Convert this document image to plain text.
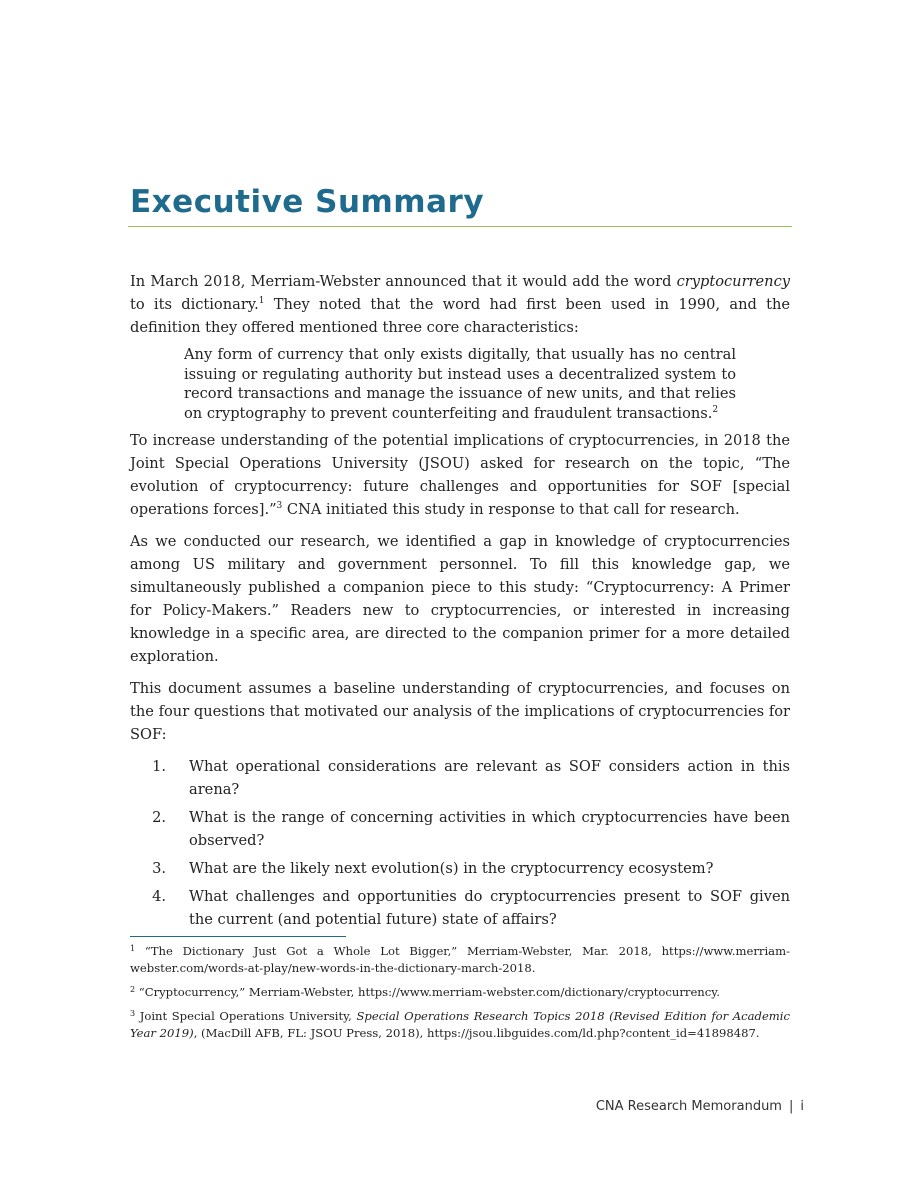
Executive Summary

In March 2018, Merriam-Webster announced that it would add the word cryptocurrency to its dictionary.$^1$ They noted that the word had first been used in 1990, and the definition they offered mentioned three core characteristics:

Any form of currency that only exists digitally, that usually has no central issuing or regulating authority but instead uses a decentralized system to record transactions and manage the issuance of new units, and that relies on cryptography to prevent counterfeiting and fraudulent transactions.$^2$

To increase understanding of the potential implications of cryptocurrencies, in 2018 the Joint Special Operations University (JSOU) asked for research on the topic, “The evolution of cryptocurrency: future challenges and opportunities for SOF [special operations forces].”$^3$ CNA initiated this study in response to that call for research.

As we conducted our research, we identified a gap in knowledge of cryptocurrencies among US military and government personnel. To fill this knowledge gap, we simultaneously published a companion piece to this study: “Cryptocurrency: A Primer for Policy-Makers.” Readers new to cryptocurrencies, or interested in increasing knowledge in a specific area, are directed to the companion primer for a more detailed exploration.

This document assumes a baseline understanding of cryptocurrencies, and focuses on the four questions that motivated our analysis of the implications of cryptocurrencies for SOF:

1.	What operational considerations are relevant as SOF considers action in this arena?
2.	What is the range of concerning activities in which cryptocurrencies have been observed?
3.	What are the likely next evolution(s) in the cryptocurrency ecosystem?
4.	What challenges and opportunities do cryptocurrencies present to SOF given the current (and potential future) state of affairs?

$^1$ “The Dictionary Just Got a Whole Lot Bigger,” Merriam-Webster, Mar. 2018, https://www.merriam-webster.com/words-at-play/new-words-in-the-dictionary-march-2018.

$^2$ “Cryptocurrency,” Merriam-Webster, https://www.merriam-webster.com/dictionary/cryptocurrency.

$^3$ Joint Special Operations University, Special Operations Research Topics 2018 (Revised Edition for Academic Year 2019), (MacDill AFB, FL: JSOU Press, 2018), https://jsou.libguides.com/ld.php?content_id=41898487.

CNA Research Memorandum | i
